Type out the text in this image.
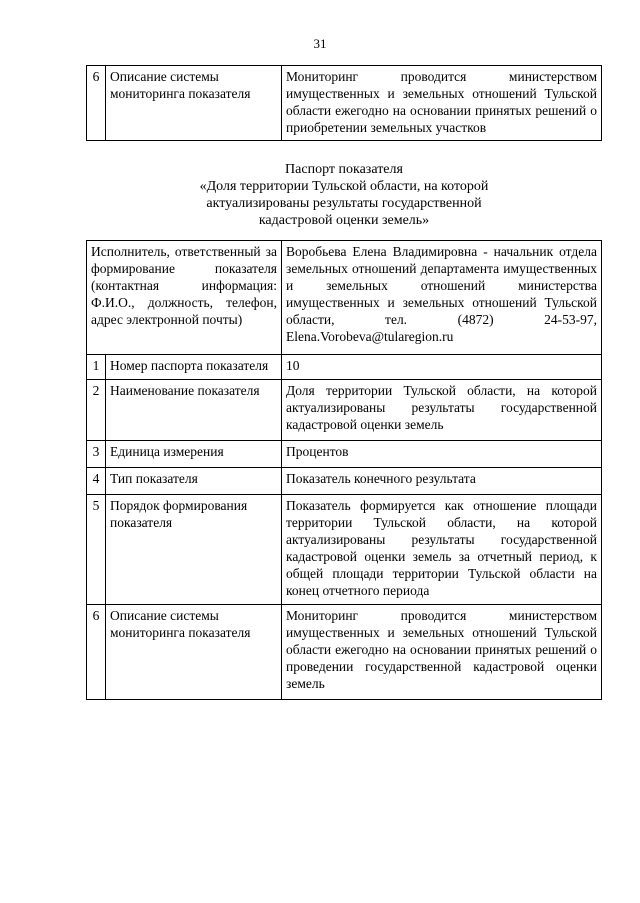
31
6	Описание системы мониторинга показателя	Мониторинг проводится министерством имущественных и земельных отношений Тульской области ежегодно на основании принятых решений о приобретении земельных участков
Паспорт показателя
«Доля территории Тульской области, на которой
актуализированы результаты государственной
кадастровой оценки земель»
Исполнитель, ответственный за формирование показателя (контактная информация: Ф.И.О., должность, телефон, адрес электронной почты)		Воробьева Елена Владимировна - начальник отдела земельных отношений департамента имущественных и земельных отношений министерства имущественных и земельных отношений Тульской области, тел. (4872) 24-53-97, Elena.Vorobeva@tularegion.ru
1	Номер паспорта показателя	10
2	Наименование показателя	Доля территории Тульской области, на которой актуализированы результаты государственной кадастровой оценки земель
3	Единица измерения	Процентов
4	Тип показателя	Показатель конечного результата
5	Порядок формирования показателя	Показатель формируется как отношение площади территории Тульской области, на которой актуализированы результаты государственной кадастровой оценки земель за отчетный период, к общей площади территории Тульской области на конец отчетного периода
6	Описание системы мониторинга показателя	Мониторинг проводится министерством имущественных и земельных отношений Тульской области ежегодно на основании принятых решений о проведении государственной кадастровой оценки земель
